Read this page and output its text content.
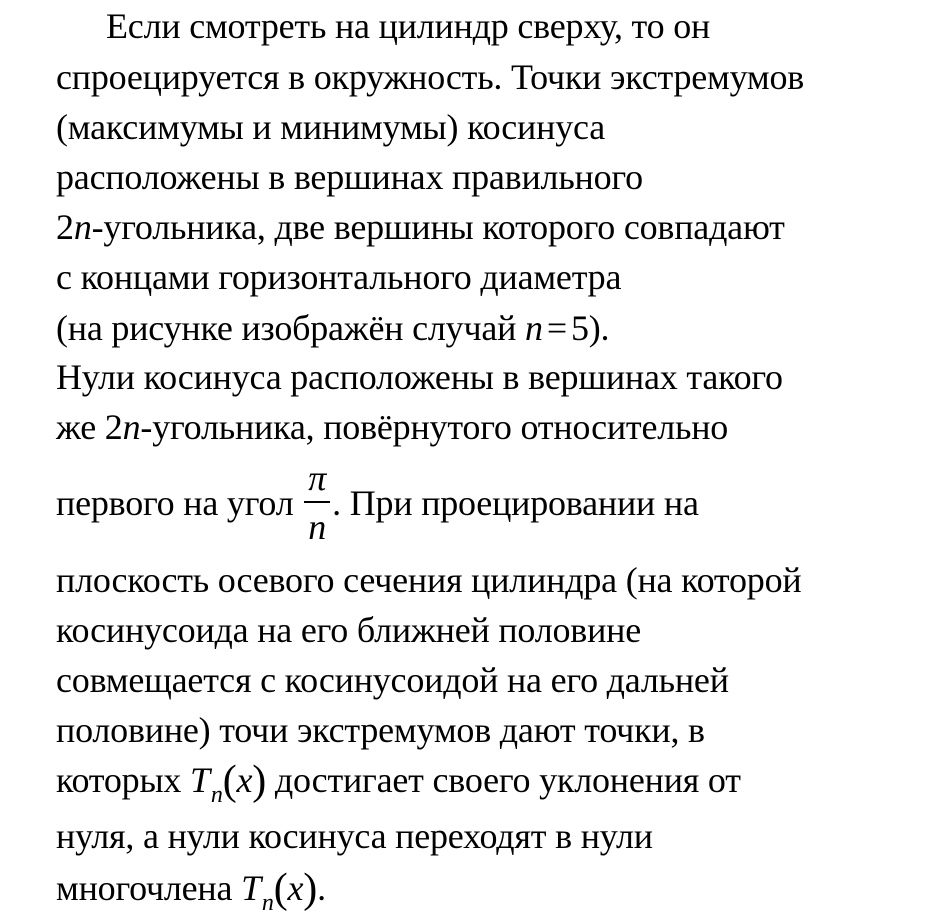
Если смотреть на цилиндр сверху, то он
спроецируется в окружность. Точки экстремумов
(максимумы и минимумы) косинуса
расположены в вершинах правильного
2n-угольника, две вершины которого совпадают
с концами горизонтального диаметра
(на рисунке изображён случай n = 5).
Нули косинуса расположены в вершинах такого
же 2n-угольника, повёрнутого относительно
первого на угол $\frac{\pi}{n}$ . При проецировании на
плоскость осевого сечения цилиндра (на которой
косинусоида на его ближней половине
совмещается с косинусоидой на его дальней
половине) точи экстремумов дают точки, в
которых $T_n(x)$ достигает своего уклонения от
нуля, а нули косинуса переходят в нули
многочлена $T_n(x)$.
